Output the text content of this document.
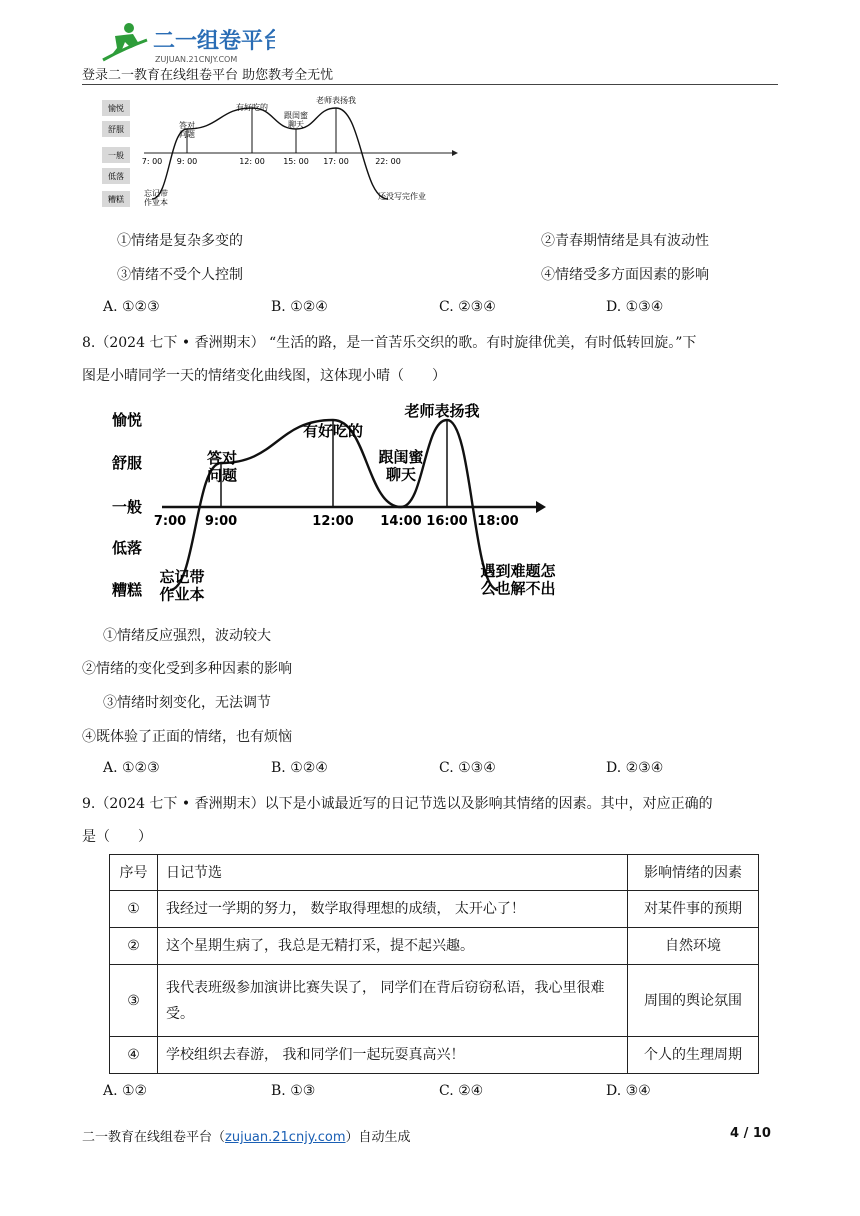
二一组卷平台
ZUJUAN.21CNJY.COM
登录二一教育在线组卷平台 助您教考全无忧
愉悦
舒服
一般
低落
糟糕
7: 00 9: 00	12: 00 15: 00 17: 00	22: 00
答对
问题
有好吃的
跟闺蜜
聊天
老师表扬我
忘记带
作业本
还没写完作业
①情绪是复杂多变的	②青春期情绪是具有波动性
③情绪不受个人控制	④情绪受多方面因素的影响
A. ①②③	B. ①②④	C. ②③④	D. ①③④
8.（2024 七下 • 香洲期末） “生活的路，是一首苦乐交织的歌。有时旋律优美，有时低转回旋。”下
图是小晴同学一天的情绪变化曲线图，这体现小晴（　　）
愉悦
舒服
一般
低落
糟糕
7:00 9:00	12:00 14:00 16:00 18:00
答对
问题
有好吃的
跟闺蜜
聊天
老师表扬我
忘记带
作业本
遇到难题怎
么也解不出
①情绪反应强烈，波动较大
②情绪的变化受到多种因素的影响
③情绪时刻变化，无法调节
④既体验了正面的情绪，也有烦恼
A. ①②③	B. ①②④	C. ①③④	D. ②③④
9.（2024 七下 • 香洲期末）以下是小诚最近写的日记节选以及影响其情绪的因素。其中，对应正确的
是（　　）
序号	日记节选	影响情绪的因素
①	我经过一学期的努力， 数学取得理想的成绩， 太开心了！	对某件事的预期
②	这个星期生病了，我总是无精打采，提不起兴趣。	自然环境
③	我代表班级参加演讲比赛失误了， 同学们在背后窃窃私语，我心里很难受。	周围的舆论氛围
④	学校组织去春游， 我和同学们一起玩耍真高兴！	个人的生理周期
A. ①②	B. ①③	C. ②④	D. ③④
二一教育在线组卷平台（zujuan.21cnjy.com）自动生成	4 / 10
